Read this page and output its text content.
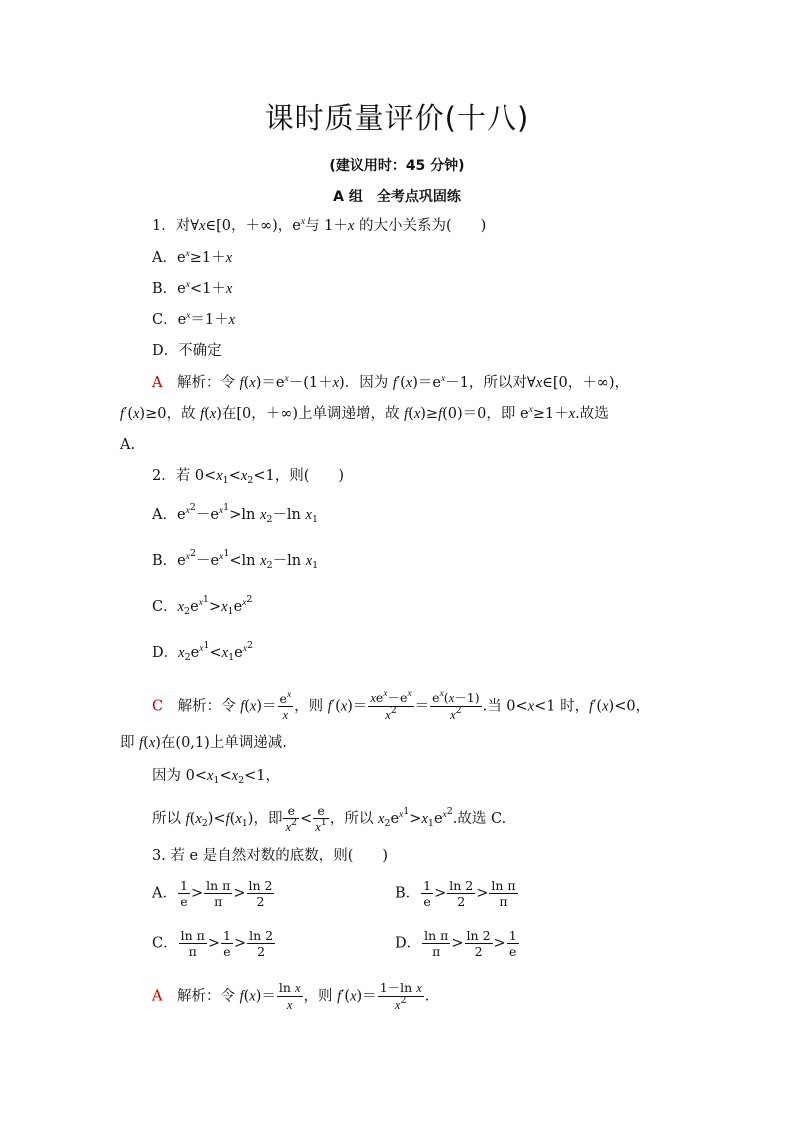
课时质量评价(十八)
(建议用时：45 分钟)
A 组　全考点巩固练
1．对∀x∈[0，＋∞)，$e^x$与 1＋x 的大小关系为(　　)
A．$e^x\ge 1+x$
B．$e^x<1+x$
C．$e^x=1+x$
D．不确定
A　解析：令 $f(x)=e^x-(1+x)$．因为 $f'(x)=e^x-1$，所以对∀x∈[0，＋∞)，
f′(x)≥0，故 f(x)在[0，＋∞)上单调递增，故 f(x)≥f(0)＝0，即 $e^x\ge 1+x$.故选
A.
2．若 $0<x_1<x_2<1$，则(　　)
A．$e^{x^2}-e^{x^1}>\ln$ $x_2-\ln$ $x_1$
B．$e^{x^2}-e^{x^1}<\ln$ $x_2-\ln$ $x_1$
C．$x_2e^{x^1}>x_1e^{x^2}$
D．$x_2e^{x^1}<x_1e^{x^2}$
C　解析：令 $f(x)= \frac{e^x}{x}$ ，则 $f'(x)= \frac{xe^x-e^x}{x^2} = \frac{e^x(x-1)}{x^2}$ .当 0<x<1 时，f′(x)<0，
即 f(x)在(0,1)上单调递减.
因为 $0<x_1<x_2<1$，
所以 $f(x_2)<f(x_1)$，即 $\frac{e}{x^2} < \frac{e}{x^1}$ ，所以 $x_2e^{x^1}>x_1e^{x^2}$.故选 C.
3. 若 e 是自然对数的底数，则(　　)
A． $\frac{1}{e} > \frac{\text{ln π}}{\pi} > \frac{\ln 2}{2}$	B． $\frac{1}{e} > \frac{\ln 2}{2} > \frac{\text{ln π}}{\pi}$
C． $\frac{\text{ln π}}{\pi} > \frac{1}{e} > \frac{\ln 2}{2}$	D． $\frac{\text{ln π}}{\pi} > \frac{\ln 2}{2} > \frac{1}{e}$
A　解析：令 $f(x)= \frac{\text{ln x}}{x}$ ，则 $f'(x)= \frac{\text{1－ln x}}{x^2}$ .
